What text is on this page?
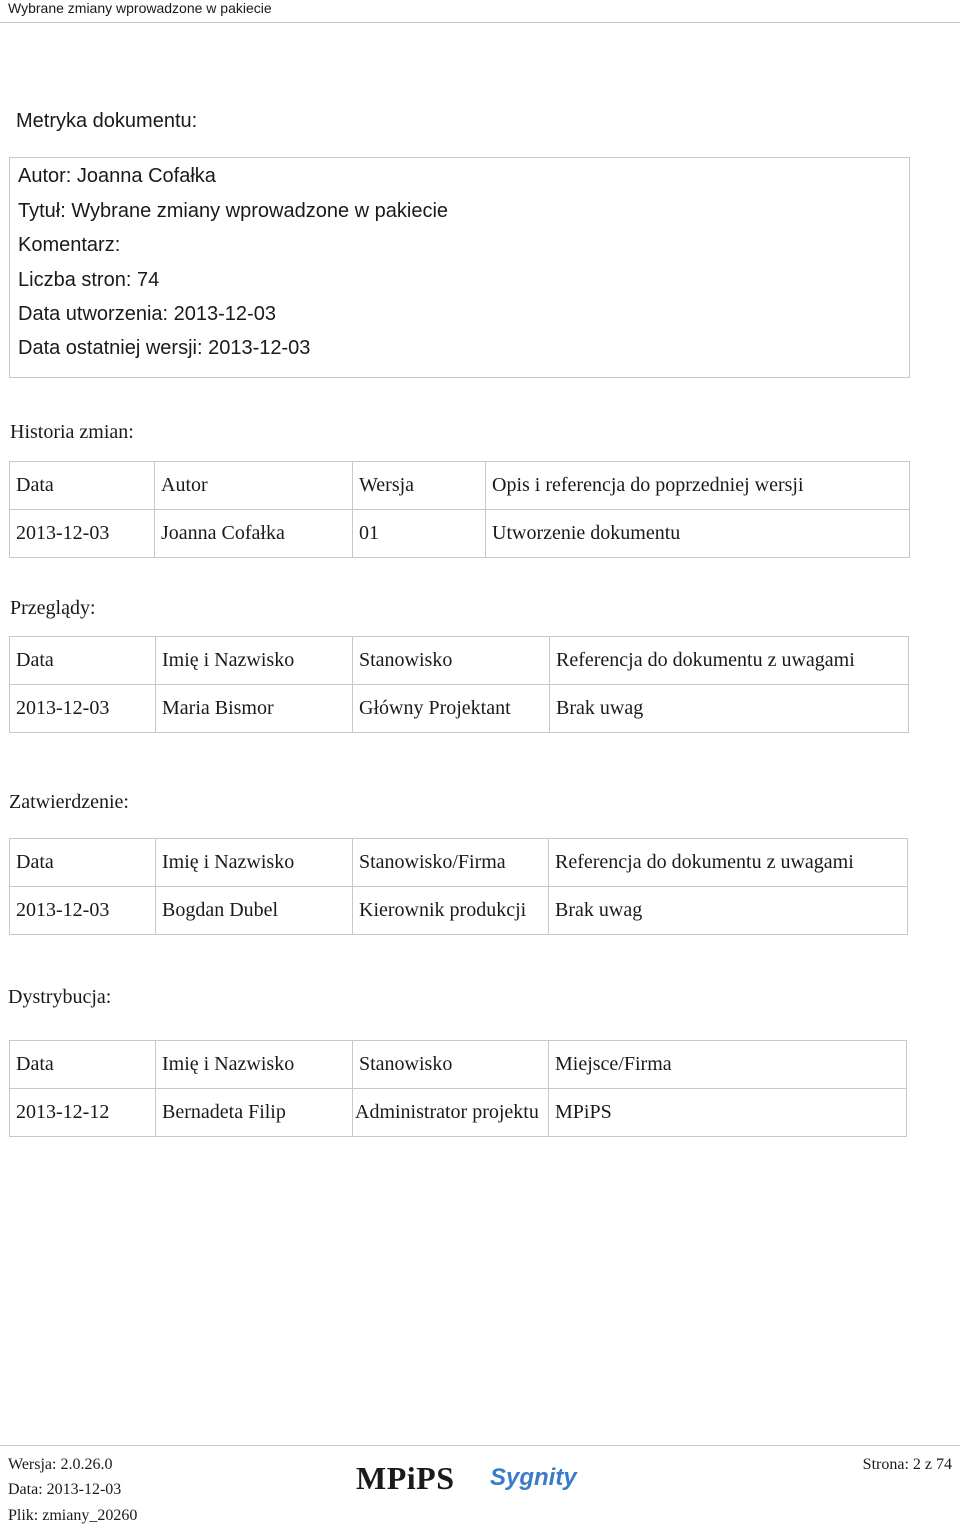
Wybrane zmiany wprowadzone w pakiecie
Metryka dokumentu:
Autor: Joanna Cofałka
Tytuł: Wybrane zmiany wprowadzone w pakiecie
Komentarz:
Liczba stron: 74
Data utworzenia: 2013-12-03
Data ostatniej wersji: 2013-12-03
Historia zmian:
Data	Autor	Wersja	Opis i referencja do poprzedniej wersji
2013-12-03	Joanna Cofałka	01	Utworzenie dokumentu
Przeglądy:
Data	Imię i Nazwisko	Stanowisko	Referencja do dokumentu z uwagami
2013-12-03	Maria Bismor	Główny Projektant	Brak uwag
Zatwierdzenie:
Data	Imię i Nazwisko	Stanowisko/Firma	Referencja do dokumentu z uwagami
2013-12-03	Bogdan Dubel	Kierownik produkcji	Brak uwag
Dystrybucja:
Data	Imię i Nazwisko	Stanowisko	Miejsce/Firma
2013-12-12	Bernadeta Filip	Administrator projektu	MPiPS
Wersja: 2.0.26.0
Data: 2013-12-03
Plik: zmiany_20260
MPiPS Sygnity	Strona: 2 z 74
